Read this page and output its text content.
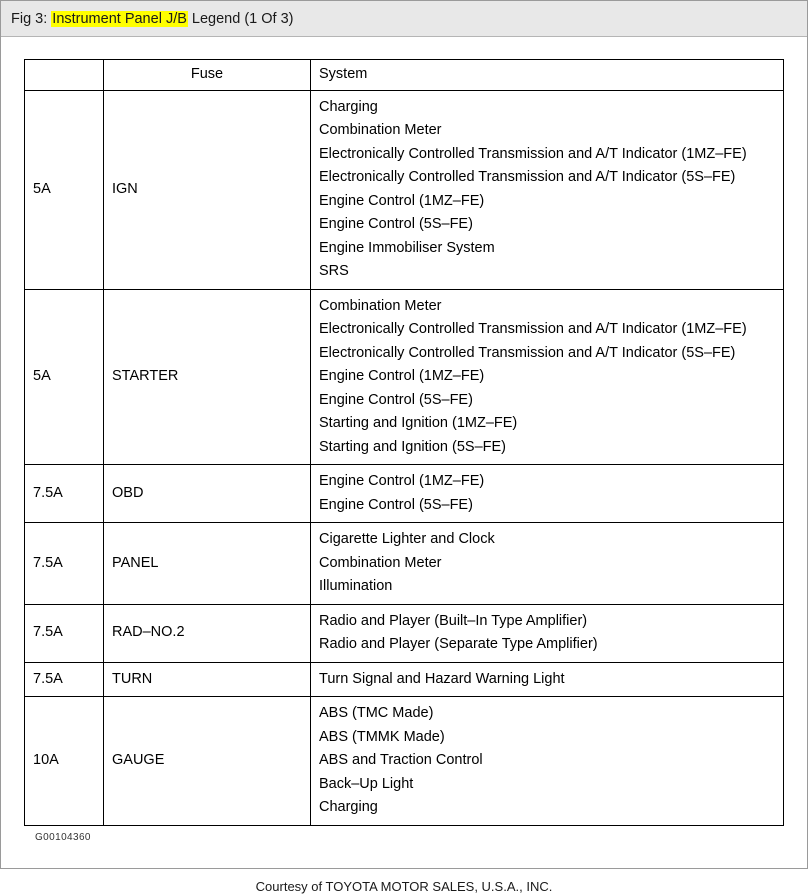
Fig 3: Instrument Panel J/B Legend (1 Of 3)
	Fuse	System
5A	IGN	
Charging
Combination Meter
Electronically Controlled Transmission and A/T Indicator (1MZ–FE)
Electronically Controlled Transmission and A/T Indicator (5S–FE)
Engine Control (1MZ–FE)
Engine Control (5S–FE)
Engine Immobiliser System
SRS

5A	STARTER	
Combination Meter
Electronically Controlled Transmission and A/T Indicator (1MZ–FE)
Electronically Controlled Transmission and A/T Indicator (5S–FE)
Engine Control (1MZ–FE)
Engine Control (5S–FE)
Starting and Ignition (1MZ–FE)
Starting and Ignition (5S–FE)

7.5A	OBD	Engine Control (1MZ–FE)
Engine Control (5S–FE)

7.5A	PANEL	Cigarette Lighter and Clock
Combination Meter
Illumination

7.5A	RAD–NO.2	Radio and Player (Built–In Type Amplifier)
Radio and Player (Separate Type Amplifier)

7.5A	TURN	Turn Signal and Hazard Warning Light

10A	GAUGE	ABS (TMC Made)
ABS (TMMK Made)
ABS and Traction Control
Back–Up Light
Charging
G00104360
Courtesy of TOYOTA MOTOR SALES, U.S.A., INC.
